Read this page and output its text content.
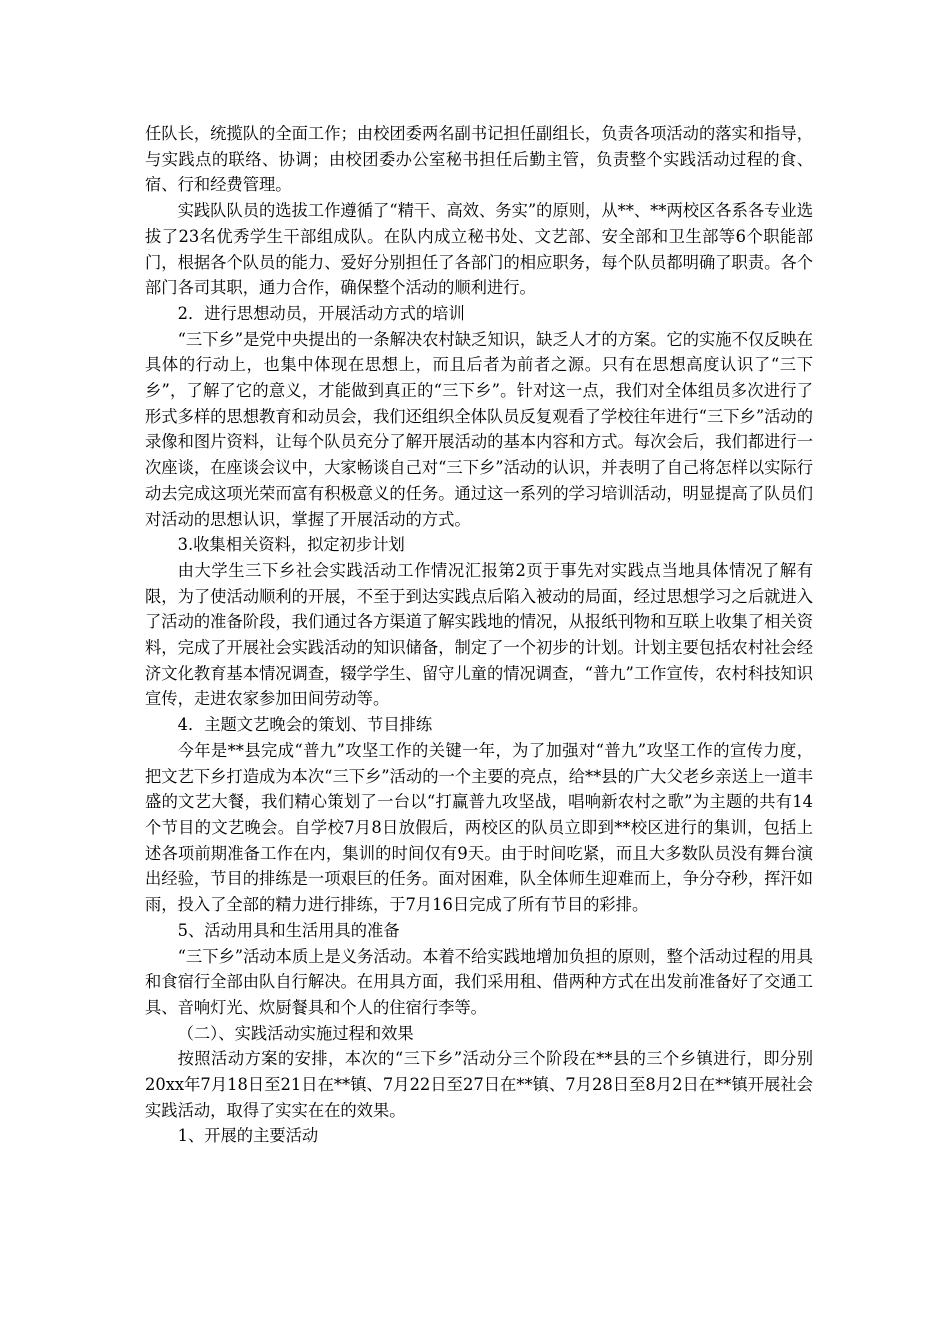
任队长，统揽队的全面工作；由校团委两名副书记担任副组长，负责各项活动的落实和指导，与实践点的联络、协调；由校团委办公室秘书担任后勤主管，负责整个实践活动过程的食、宿、行和经费管理。

实践队队员的选拔工作遵循了“精干、高效、务实”的原则，从**、**两校区各系各专业选拔了23名优秀学生干部组成队。在队内成立秘书处、文艺部、安全部和卫生部等6个职能部门，根据各个队员的能力、爱好分别担任了各部门的相应职务，每个队员都明确了职责。各个部门各司其职，通力合作，确保整个活动的顺利进行。

2．进行思想动员，开展活动方式的培训

“三下乡”是党中央提出的一条解决农村缺乏知识，缺乏人才的方案。它的实施不仅反映在具体的行动上，也集中体现在思想上，而且后者为前者之源。只有在思想高度认识了“三下乡”，了解了它的意义，才能做到真正的“三下乡”。针对这一点，我们对全体组员多次进行了形式多样的思想教育和动员会，我们还组织全体队员反复观看了学校往年进行“三下乡”活动的录像和图片资料，让每个队员充分了解开展活动的基本内容和方式。每次会后，我们都进行一次座谈，在座谈会议中，大家畅谈自己对“三下乡”活动的认识，并表明了自己将怎样以实际行动去完成这项光荣而富有积极意义的任务。通过这一系列的学习培训活动，明显提高了队员们对活动的思想认识，掌握了开展活动的方式。

3.收集相关资料，拟定初步计划

由大学生三下乡社会实践活动工作情况汇报第2页于事先对实践点当地具体情况了解有限，为了使活动顺利的开展，不至于到达实践点后陷入被动的局面，经过思想学习之后就进入了活动的准备阶段，我们通过各方渠道了解实践地的情况，从报纸刊物和互联上收集了相关资料，完成了开展社会实践活动的知识储备，制定了一个初步的计划。计划主要包括农村社会经济文化教育基本情况调查，辍学学生、留守儿童的情况调查，“普九”工作宣传，农村科技知识宣传，走进农家参加田间劳动等。

4．主题文艺晚会的策划、节目排练

今年是**县完成“普九”攻坚工作的关键一年，为了加强对“普九”攻坚工作的宣传力度，把文艺下乡打造成为本次“三下乡”活动的一个主要的亮点，给**县的广大父老乡亲送上一道丰盛的文艺大餐，我们精心策划了一台以“打赢普九攻坚战，唱响新农村之歌”为主题的共有14个节目的文艺晚会。自学校7月8日放假后，两校区的队员立即到**校区进行的集训，包括上述各项前期准备工作在内，集训的时间仅有9天。由于时间吃紧，而且大多数队员没有舞台演出经验，节目的排练是一项艰巨的任务。面对困难，队全体师生迎难而上，争分夺秒，挥汗如雨，投入了全部的精力进行排练，于7月16日完成了所有节目的彩排。

5、活动用具和生活用具的准备

“三下乡”活动本质上是义务活动。本着不给实践地增加负担的原则，整个活动过程的用具和食宿行全部由队自行解决。在用具方面，我们采用租、借两种方式在出发前准备好了交通工具、音响灯光、炊厨餐具和个人的住宿行李等。

（二）、实践活动实施过程和效果

按照活动方案的安排，本次的“三下乡”活动分三个阶段在**县的三个乡镇进行，即分别20xx年7月18日至21日在**镇、7月22日至27日在**镇、7月28日至8月2日在**镇开展社会实践活动，取得了实实在在的效果。

1、开展的主要活动
